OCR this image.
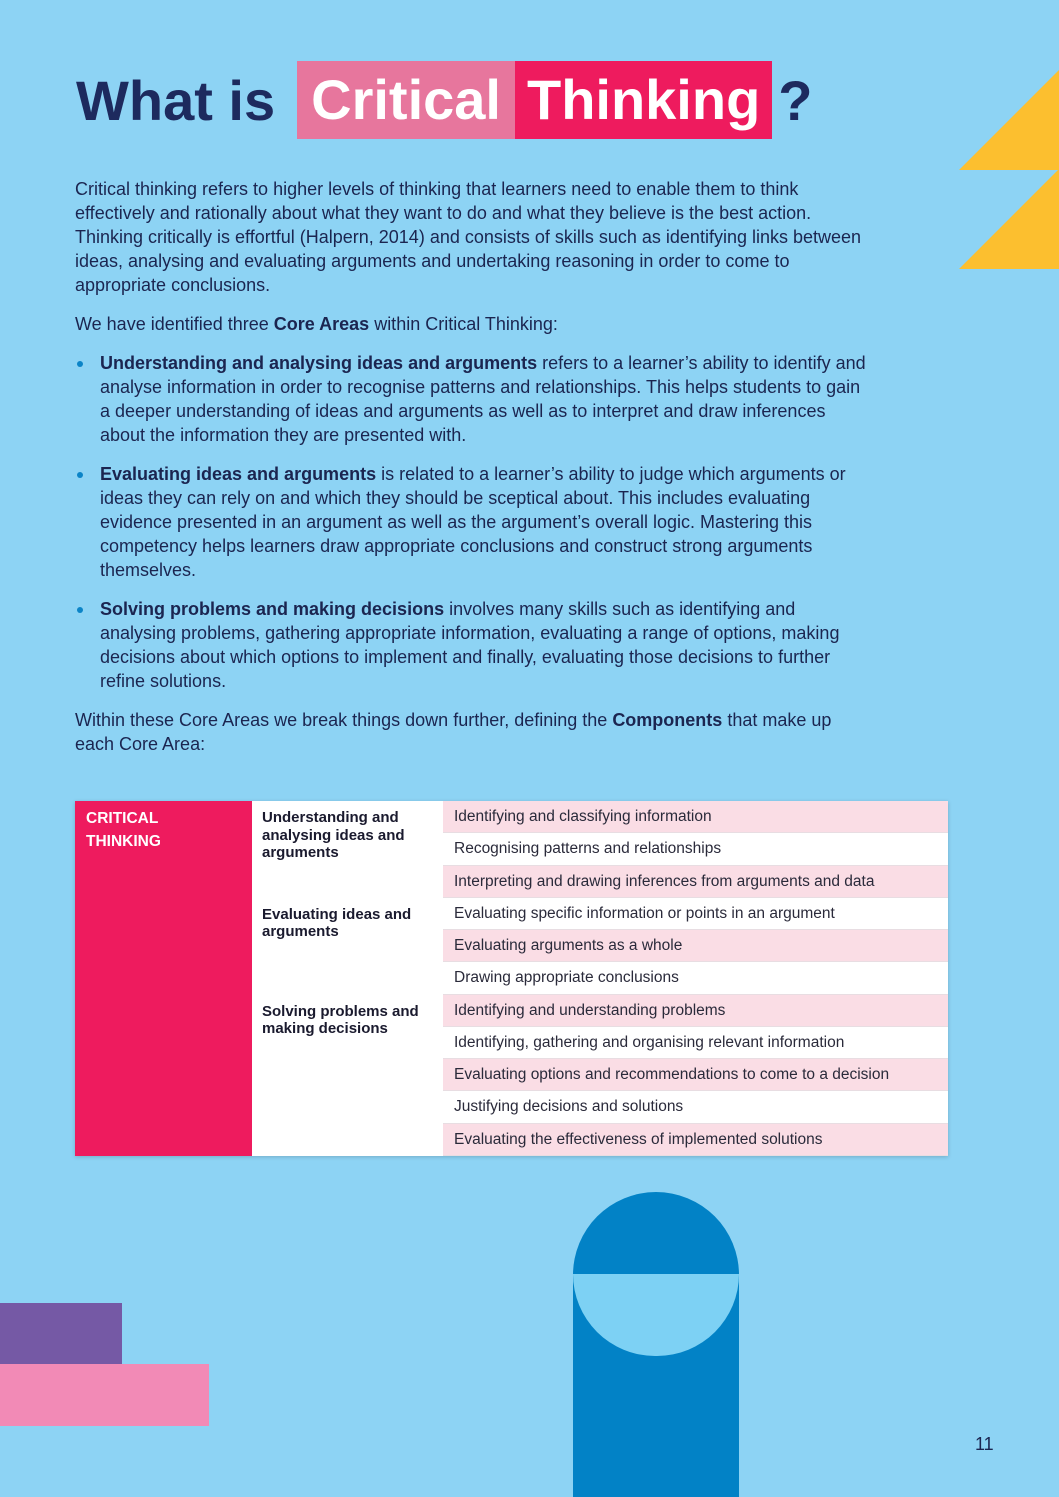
What is Critical Thinking ?

Critical thinking refers to higher levels of thinking that learners need to enable them to think effectively and rationally about what they want to do and what they believe is the best action. Thinking critically is effortful (Halpern, 2014) and consists of skills such as identifying links between ideas, analysing and evaluating arguments and undertaking reasoning in order to come to appropriate conclusions.

We have identified three Core Areas within Critical Thinking:

Understanding and analysing ideas and arguments refers to a learner’s ability to identify and analyse information in order to recognise patterns and relationships. This helps students to gain a deeper understanding of ideas and arguments as well as to interpret and draw inferences about the information they are presented with.
Evaluating ideas and arguments is related to a learner’s ability to judge which arguments or ideas they can rely on and which they should be sceptical about. This includes evaluating evidence presented in an argument as well as the argument’s overall logic. Mastering this competency helps learners draw appropriate conclusions and construct strong arguments themselves.
Solving problems and making decisions involves many skills such as identifying and analysing problems, gathering appropriate information, evaluating a range of options, making decisions about which options to implement and finally, evaluating those decisions to further refine solutions.

Within these Core Areas we break things down further, defining the Components that make up each Core Area:

CRITICAL
THINKING
Understanding and analysing ideas and arguments
Identifying and classifying information
Recognising patterns and relationships
Interpreting and drawing inferences from arguments and data
Evaluating ideas and arguments
Evaluating specific information or points in an argument
Evaluating arguments as a whole
Drawing appropriate conclusions
Solving problems and making decisions
Identifying and understanding problems
Identifying, gathering and organising relevant information
Evaluating options and recommendations to come to a decision
Justifying decisions and solutions
Evaluating the effectiveness of implemented solutions
11
